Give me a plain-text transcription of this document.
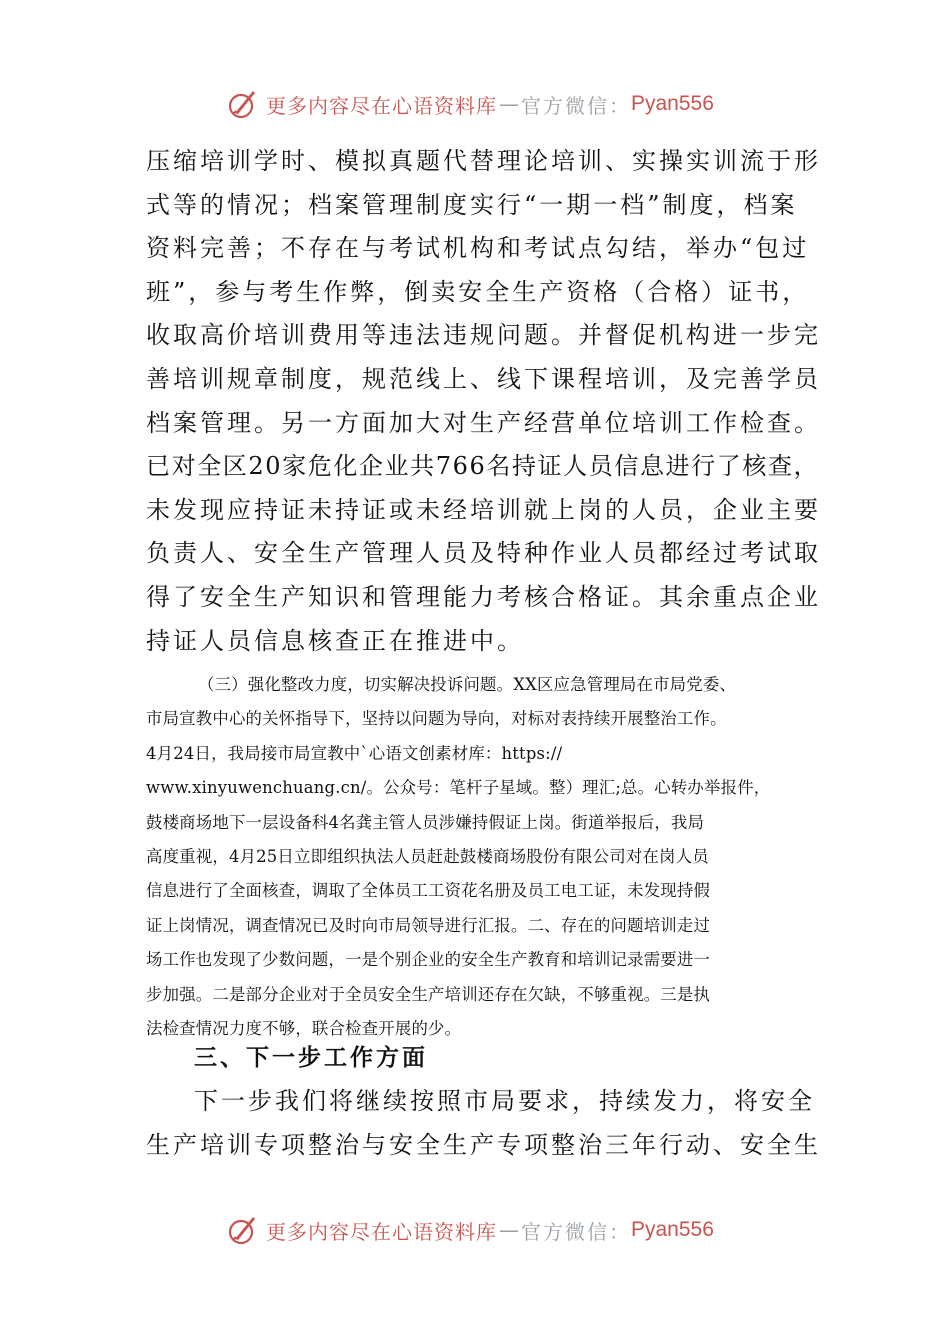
更多内容尽在心语资料库 — 官方微信： Pyan556
压缩培训学时、模拟真题代替理论培训、实操实训流于形
式等的情况；档案管理制度实行“一期一档”制度，档案
资料完善；不存在与考试机构和考试点勾结，举办“包过
班”，参与考生作弊，倒卖安全生产资格（合格）证书，
收取高价培训费用等违法违规问题。并督促机构进一步完
善培训规章制度，规范线上、线下课程培训，及完善学员
档案管理。另一方面加大对生产经营单位培训工作检查。
已对全区20家危化企业共766名持证人员信息进行了核查，
未发现应持证未持证或未经培训就上岗的人员，企业主要
负责人、安全生产管理人员及特种作业人员都经过考试取
得了安全生产知识和管理能力考核合格证。其余重点企业
持证人员信息核查正在推进中。
（三）强化整改力度，切实解决投诉问题。XX区应急管理局在市局党委、
市局宣教中心的关怀指导下，坚持以问题为导向，对标对表持续开展整治工作。
4月24日，我局接市局宣教中`心语文创素材库：https://
www.xinyuwenchuang.cn/。公众号：笔杆子星域。整）理汇;总。心转办举报件，
鼓楼商场地下一层设备科4名龚主管人员涉嫌持假证上岗。街道举报后，我局
高度重视，4月25日立即组织执法人员赶赴鼓楼商场股份有限公司对在岗人员
信息进行了全面核查，调取了全体员工工资花名册及员工电工证，未发现持假
证上岗情况，调查情况已及时向市局领导进行汇报。二、存在的问题培训走过
场工作也发现了少数问题，一是个别企业的安全生产教育和培训记录需要进一
步加强。二是部分企业对于全员安全生产培训还存在欠缺，不够重视。三是执
法检查情况力度不够，联合检查开展的少。
三、下一步工作方面
下一步我们将继续按照市局要求，持续发力，将安全
生产培训专项整治与安全生产专项整治三年行动、安全生
更多内容尽在心语资料库 — 官方微信： Pyan556
